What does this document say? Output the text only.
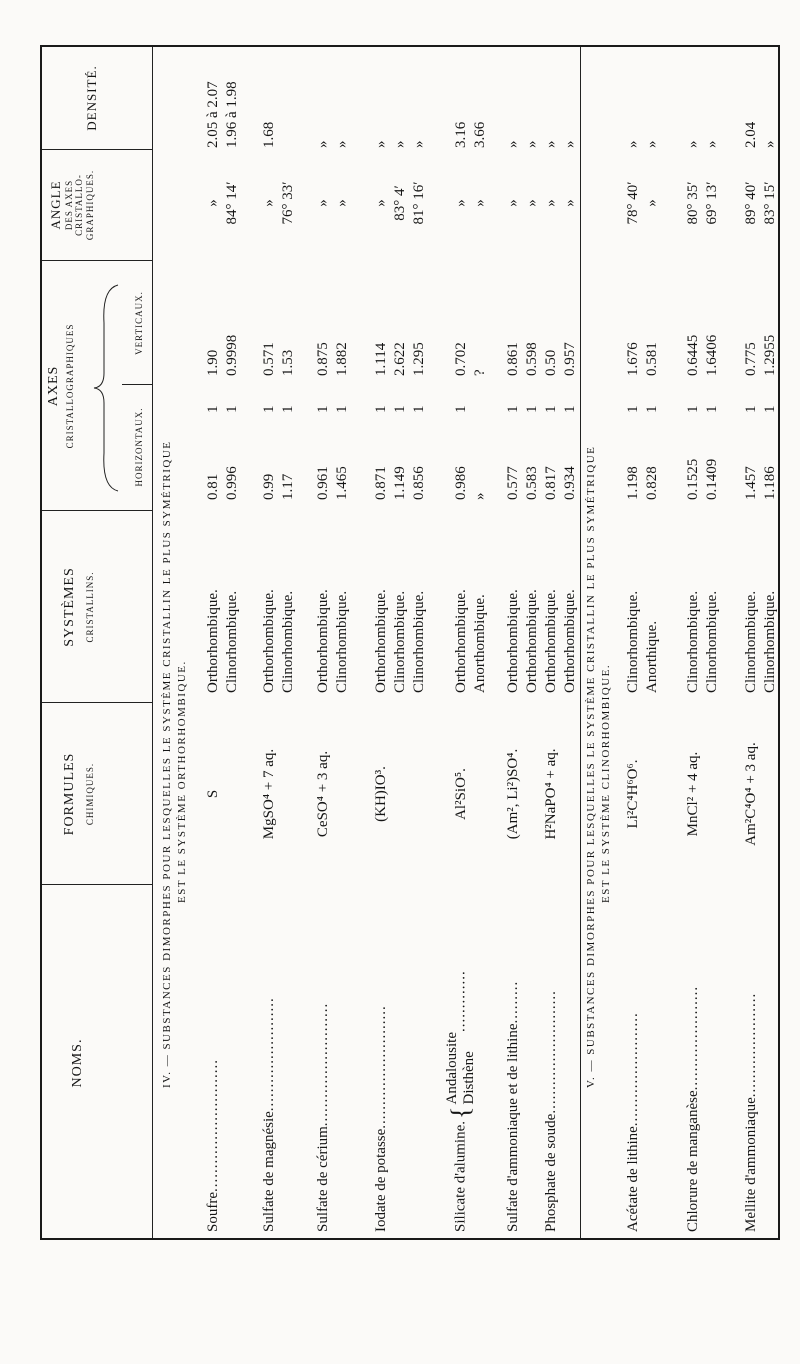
NOMS.
FORMULES CHIMIQUES.
SYSTÈMES CRISTALLINS.
AXES CRISTALLOGRAPHIQUES	HORIZONTAUX.
VERTICAUX.
ANGLE DES AXES CRISTALLO- GRAPHIQUES.
DENSITÉ.
IV. — SUBSTANCES DIMORPHES POUR LESQUELLES LE SYSTÈME CRISTALLIN LE PLUS SYMÉTRIQUE EST LE SYSTÈME ORTHORHOMBIQUE.	V. — SUBSTANCES DIMORPHES POUR LESQUELLES LE SYSTÈME CRISTALLIN LE PLUS SYMÉTRIQUE EST LE SYSTÈME CLINORHOMBIQUE.
Soufre............................
S
Orthorhombique.
0.81
1
1.90
»
2.05 à 2.07
Clinorhombique.
0.996
1
0.9998
84° 14′
1.96 à 1.98
Sulfate de magnésie........................
MgSO⁴ + 7 aq.
Orthorhombique.
0.99
1
0.571
»
1.68
Clinorhombique.
1.17
1
1.53
76° 33′
Sulfate de cérium..........................
CeSO⁴ + 3 aq.
Orthorhombique.
0.961
1
0.875
»
»
Clinorhombique.
1.465
1
1.882
»
»
Iodate de potasse..........................
(KH)IO³.
Orthorhombique.
0.871
1
1.114
»
»
Clinorhombique.
1.149
1
2.622
83° 4′
»
Clinorhombique.
0.856
1
1.295
81° 16′
»
Silicate d'alumine.{
Andalousite Disthène
.............
Al²SiO⁵.
Orthorhombique.
0.986
1
0.702
»
3.16
Anorthombique.
»
?
»
3.66
Sulfate d'ammoniaque et de lithine.........
(Am², Li²)SO⁴.
Orthorhombique.
0.577
1
0.861
»
»
Orthorhombique.
0.583
1
0.598
»
»
Phosphate de soude..........................
H²NaPO⁴ + aq.
Orthorhombique.
0.817
1
0.50
»
»
Orthorhombique.
0.934
1
0.957
»
»
Acétate de lithine........................
Li²C⁴H⁶O⁶.
Clinorhombique.
1.198
1
1.676
78° 40′
»
Anorthique.
0.828
1
0.581
»
»
Chlorure de manganèse......................
MnCl² + 4 aq.
Clinorhombique.
0.1525
1
0.6445
80° 35′
»
Clinorhombique.
0.1409
1
1.6406
69° 13′
»
Mellite d'ammoniaque......................
Am²C⁴O⁴ + 3 aq.
Clinorhombique.
1.457
1
0.775
89° 40′
2.04
Clinorhombique.
1.186
1
1.2955
83° 15′
»
